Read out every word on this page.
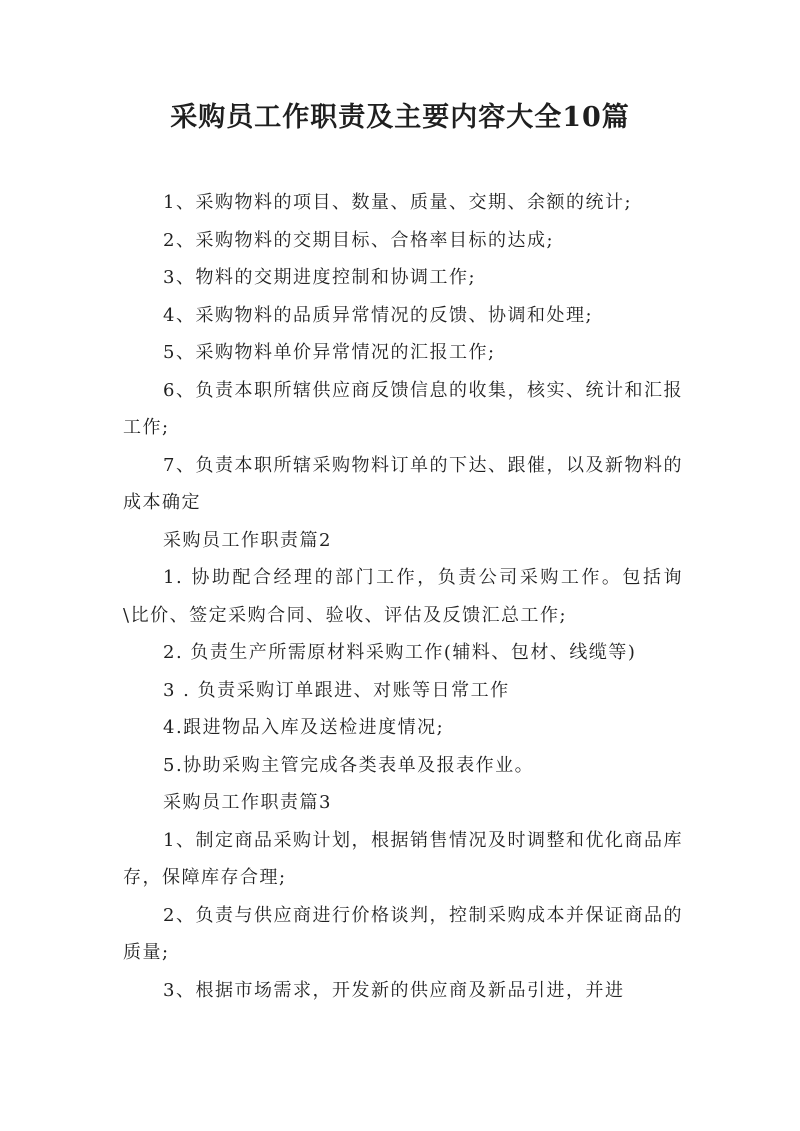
采购员工作职责及主要内容大全10篇

1、采购物料的项目、数量、质量、交期、余额的统计;

2、采购物料的交期目标、合格率目标的达成;

3、物料的交期进度控制和协调工作;

4、采购物料的品质异常情况的反馈、协调和处理;

5、采购物料单价异常情况的汇报工作;

6、负责本职所辖供应商反馈信息的收集，核实、统计和汇报工作;

7、负责本职所辖采购物料订单的下达、跟催，以及新物料的成本确定

采购员工作职责篇2

1. 协助配合经理的部门工作，负责公司采购工作。包括询\比价、签定采购合同、验收、评估及反馈汇总工作;

2. 负责生产所需原材料采购工作(辅料、包材、线缆等)

3 . 负责采购订单跟进、对账等日常工作

4.跟进物品入库及送检进度情况;

5.协助采购主管完成各类表单及报表作业。

采购员工作职责篇3

1、制定商品采购计划，根据销售情况及时调整和优化商品库存，保障库存合理;

2、负责与供应商进行价格谈判，控制采购成本并保证商品的质量;

3、根据市场需求，开发新的供应商及新品引进，并进
